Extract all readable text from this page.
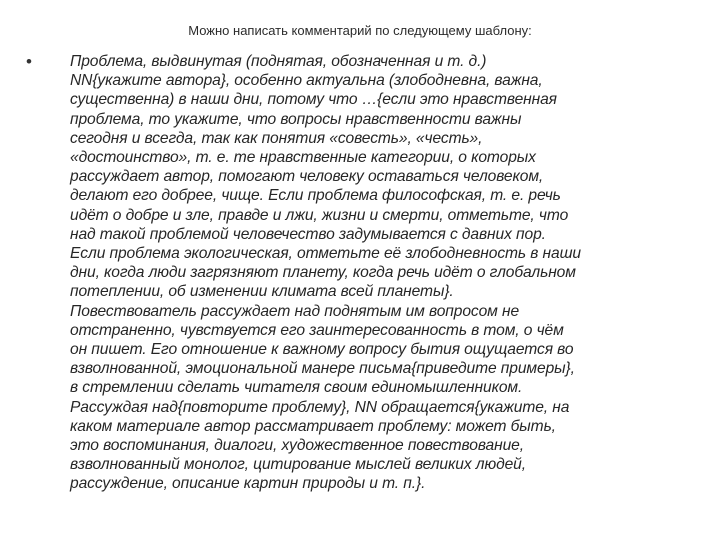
Можно написать комментарий по следующему шаблону:
• Проблема, выдвинутая (поднятая, обозначенная и т. д.)
NN{укажите автора}, особенно актуальна (злободневна, важна,
существенна) в наши дни, потому что …{если это нравственная
проблема, то укажите, что вопросы нравственности важны
сегодня и всегда, так как понятия «совесть», «честь»,
«достоинство», т. е. те нравственные категории, о которых
рассуждает автор, помогают человеку оставаться человеком,
делают его добрее, чище. Если проблема философская, т. е. речь
идёт о добре и зле, правде и лжи, жизни и смерти, отметьте, что
над такой проблемой человечество задумывается с давних пор.
Если проблема экологическая, отметьте её злободневность в наши
дни, когда люди загрязняют планету, когда речь идёт о глобальном
потеплении, об изменении климата всей планеты}.
Повествователь рассуждает над поднятым им вопросом не
отстраненно, чувствуется его заинтересованность в том, о чём
он пишет. Его отношение к важному вопросу бытия ощущается во
взволнованной, эмоциональной манере письма{приведите примеры},
в стремлении сделать читателя своим единомышленником.
Рассуждая над{повторите проблему}, NN обращается{укажите, на
каком материале автор рассматривает проблему: может быть,
это воспоминания, диалоги, художественное повествование,
взволнованный монолог, цитирование мыслей великих людей,
рассуждение, описание картин природы и т. п.}.
